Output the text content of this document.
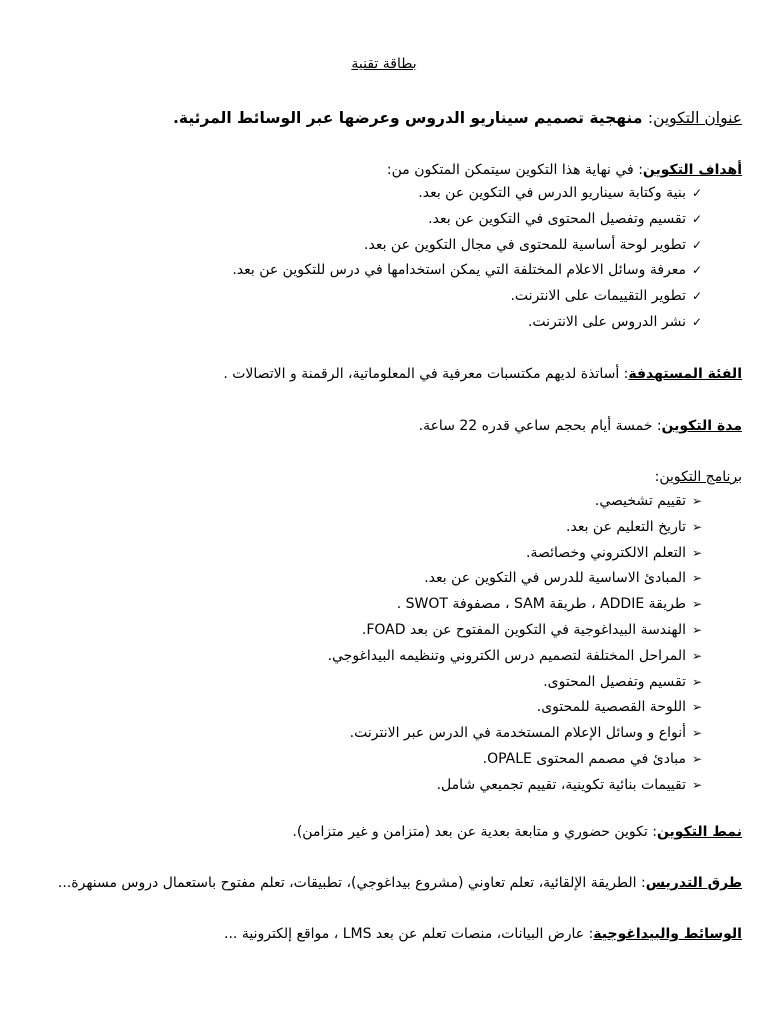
بطاقة تقنية
عنوان التكوين: منهجية تصميم سيناريو الدروس وعرضها عبر الوسائط المرئية.
أهداف التكوين: في نهاية هذا التكوين سيتمكن المتكون من:
✓
بنية وكتابة سيناريو الدرس في التكوين عن بعد.
✓
تقسيم وتفصيل المحتوى في التكوين عن بعد.
✓
تطوير لوحة أساسية للمحتوى في مجال التكوين عن بعد.
✓
معرفة وسائل الاعلام المختلفة التي يمكن استخدامها في درس للتكوين عن بعد.
✓
تطوير التقييمات على الانترنت.
✓
نشر الدروس على الانترنت.
الفئة المستهدفة: أساتذة لديهم مكتسبات معرفية في المعلوماتية، الرقمنة و الاتصالات .
مدة التكوين: خمسة أيام بحجم ساعي قدره 22 ساعة.
برنامج التكوين:
➢
تقييم تشخيصي.
➢
تاريخ التعليم عن بعد.
➢
التعلم الالكتروني وخصائصة.
➢
المبادئ الاساسية للدرس في التكوين عن بعد.
➢
طريقة ADDIE ، طريقة SAM ، مصفوفة SWOT .
➢
الهندسة البيداغوجية في التكوين المفتوح عن بعد FOAD.
➢
المراحل المختلفة لتصميم درس الكتروني وتنظيمه البيداغوجي.
➢
تقسيم وتفصيل المحتوى.
➢
اللوحة القصصية للمحتوى.
➢
أنواع و وسائل الإعلام المستخدمة في الدرس عبر الانترنت.
➢
مبادئ في مصمم المحتوى OPALE.
➢
تقييمات بنائية تكوينية، تقييم تجميعي شامل.
نمط التكوين: تكوين حضوري و متابعة بعدية عن بعد (متزامن و غير متزامن).
طرق التدريس: الطريقة الإلقائية، تعلم تعاوني (مشروع بيداغوجي)، تطبيقات، تعلم مفتوح باستعمال دروس مسنهرة...
الوسائط والبيداغوجية: عارض البيانات، منصات تعلم عن بعد LMS ، مواقع إلكترونية ...
